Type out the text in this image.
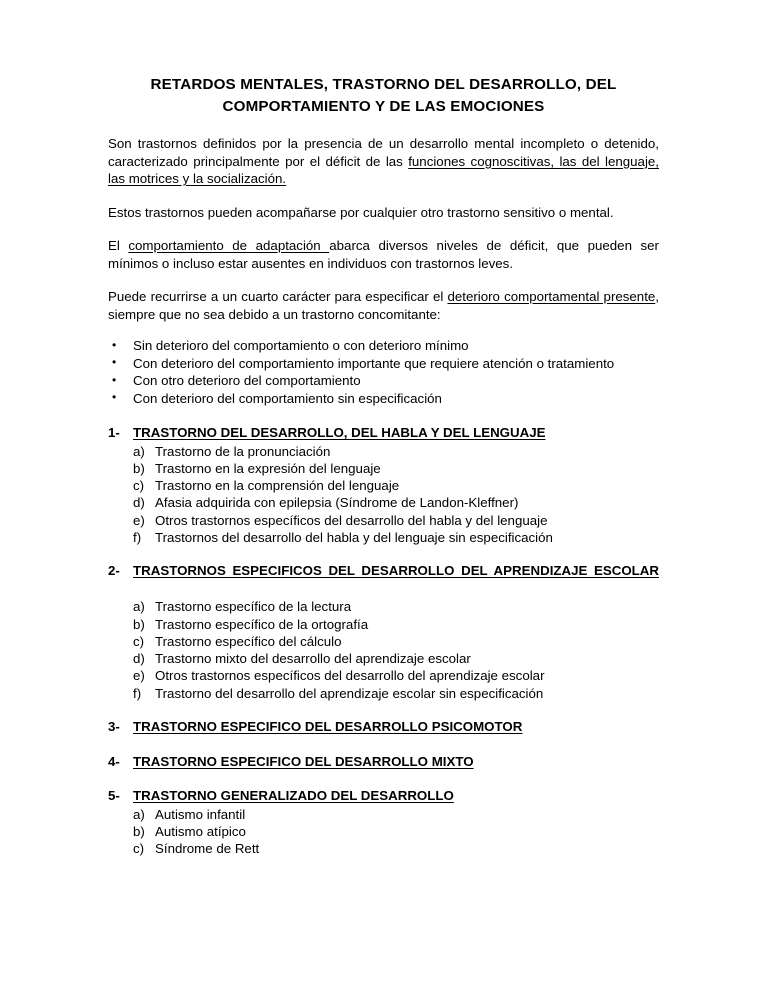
RETARDOS MENTALES, TRASTORNO DEL DESARROLLO, DEL COMPORTAMIENTO Y DE LAS EMOCIONES

Son trastornos definidos por la presencia de un desarrollo mental incompleto o detenido, caracterizado principalmente por el déficit de las funciones cognoscitivas, las del lenguaje, las motrices y la socialización.

Estos trastornos pueden acompañarse por cualquier otro trastorno sensitivo o mental.

El comportamiento de adaptación abarca diversos niveles de déficit, que pueden ser mínimos o incluso estar ausentes en individuos con trastornos leves.

Puede recurrirse a un cuarto carácter para especificar el deterioro comportamental presente, siempre que no sea debido a un trastorno concomitante:

• Sin deterioro del comportamiento o con deterioro mínimo
• Con deterioro del comportamiento importante que requiere atención o tratamiento
• Con otro deterioro del comportamiento
• Con deterioro del comportamiento sin especificación
1- TRASTORNO DEL DESARROLLO, DEL HABLA Y DEL LENGUAJE
a) Trastorno de la pronunciación
b) Trastorno en la expresión del lenguaje
c) Trastorno en la comprensión del lenguaje
d) Afasia adquirida con epilepsia (Síndrome de Landon-Kleffner)
e) Otros trastornos específicos del desarrollo del habla y del lenguaje
f) Trastornos del desarrollo del habla y del lenguaje sin especificación
2- TRASTORNOS ESPECIFICOS DEL DESARROLLO DEL APRENDIZAJE ESCOLAR
a) Trastorno específico de la lectura
b) Trastorno específico de la ortografía
c) Trastorno específico del cálculo
d) Trastorno mixto del desarrollo del aprendizaje escolar
e) Otros trastornos específicos del desarrollo del aprendizaje escolar
f) Trastorno del desarrollo del aprendizaje escolar sin especificación
3- TRASTORNO ESPECIFICO DEL DESARROLLO PSICOMOTOR
4- TRASTORNO ESPECIFICO DEL DESARROLLO MIXTO
5- TRASTORNO GENERALIZADO DEL DESARROLLO
a) Autismo infantil
b) Autismo atípico
c) Síndrome de Rett
